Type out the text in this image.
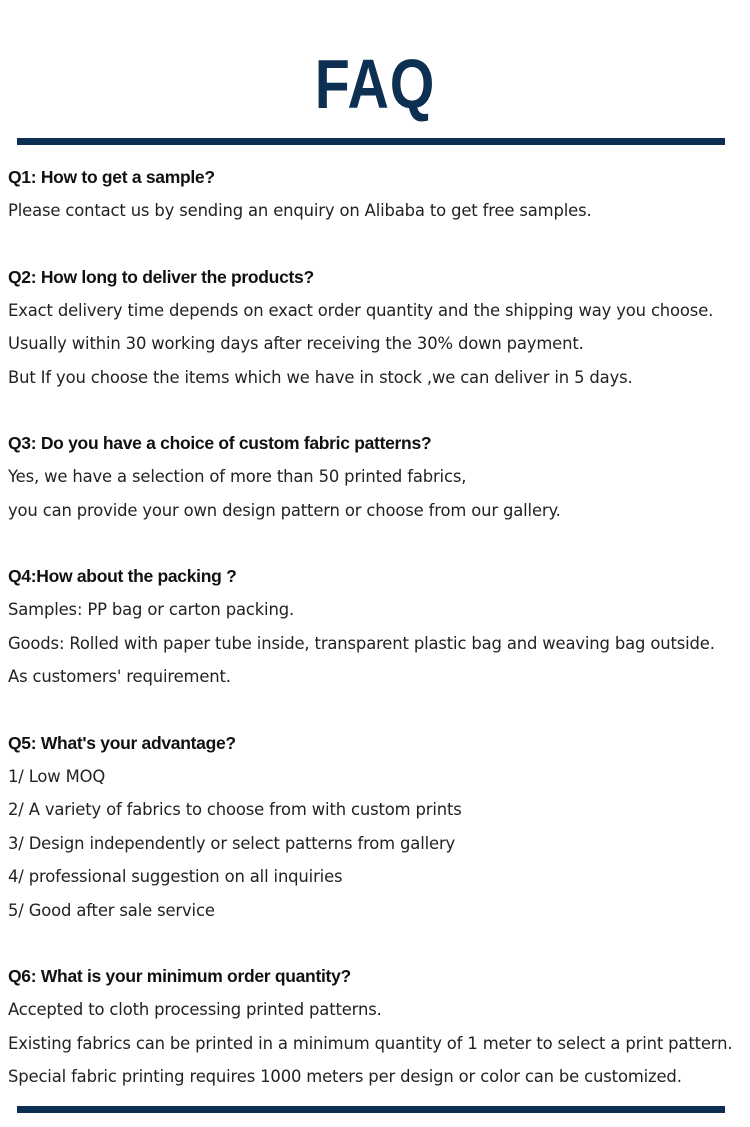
FAQ
Q1: How to get a sample?
Please contact us by sending an enquiry on Alibaba to get free samples.
Q2: How long to deliver the products?
Exact delivery time depends on exact order quantity and the shipping way you choose.
Usually within 30 working days after receiving the 30% down payment.
But If you choose the items which we have in stock ,we can deliver in 5 days.
Q3: Do you have a choice of custom fabric patterns?
Yes, we have a selection of more than 50 printed fabrics,
you can provide your own design pattern or choose from our gallery.
Q4:How about the packing ?
Samples: PP bag or carton packing.
Goods: Rolled with paper tube inside, transparent plastic bag and weaving bag outside.
As customers' requirement.
Q5: What's your advantage?
1/ Low MOQ
2/ A variety of fabrics to choose from with custom prints
3/ Design independently or select patterns from gallery
4/ professional suggestion on all inquiries
5/ Good after sale service
Q6: What is your minimum order quantity?
Accepted to cloth processing printed patterns.
Existing fabrics can be printed in a minimum quantity of 1 meter to select a print pattern.
Special fabric printing requires 1000 meters per design or color can be customized.
